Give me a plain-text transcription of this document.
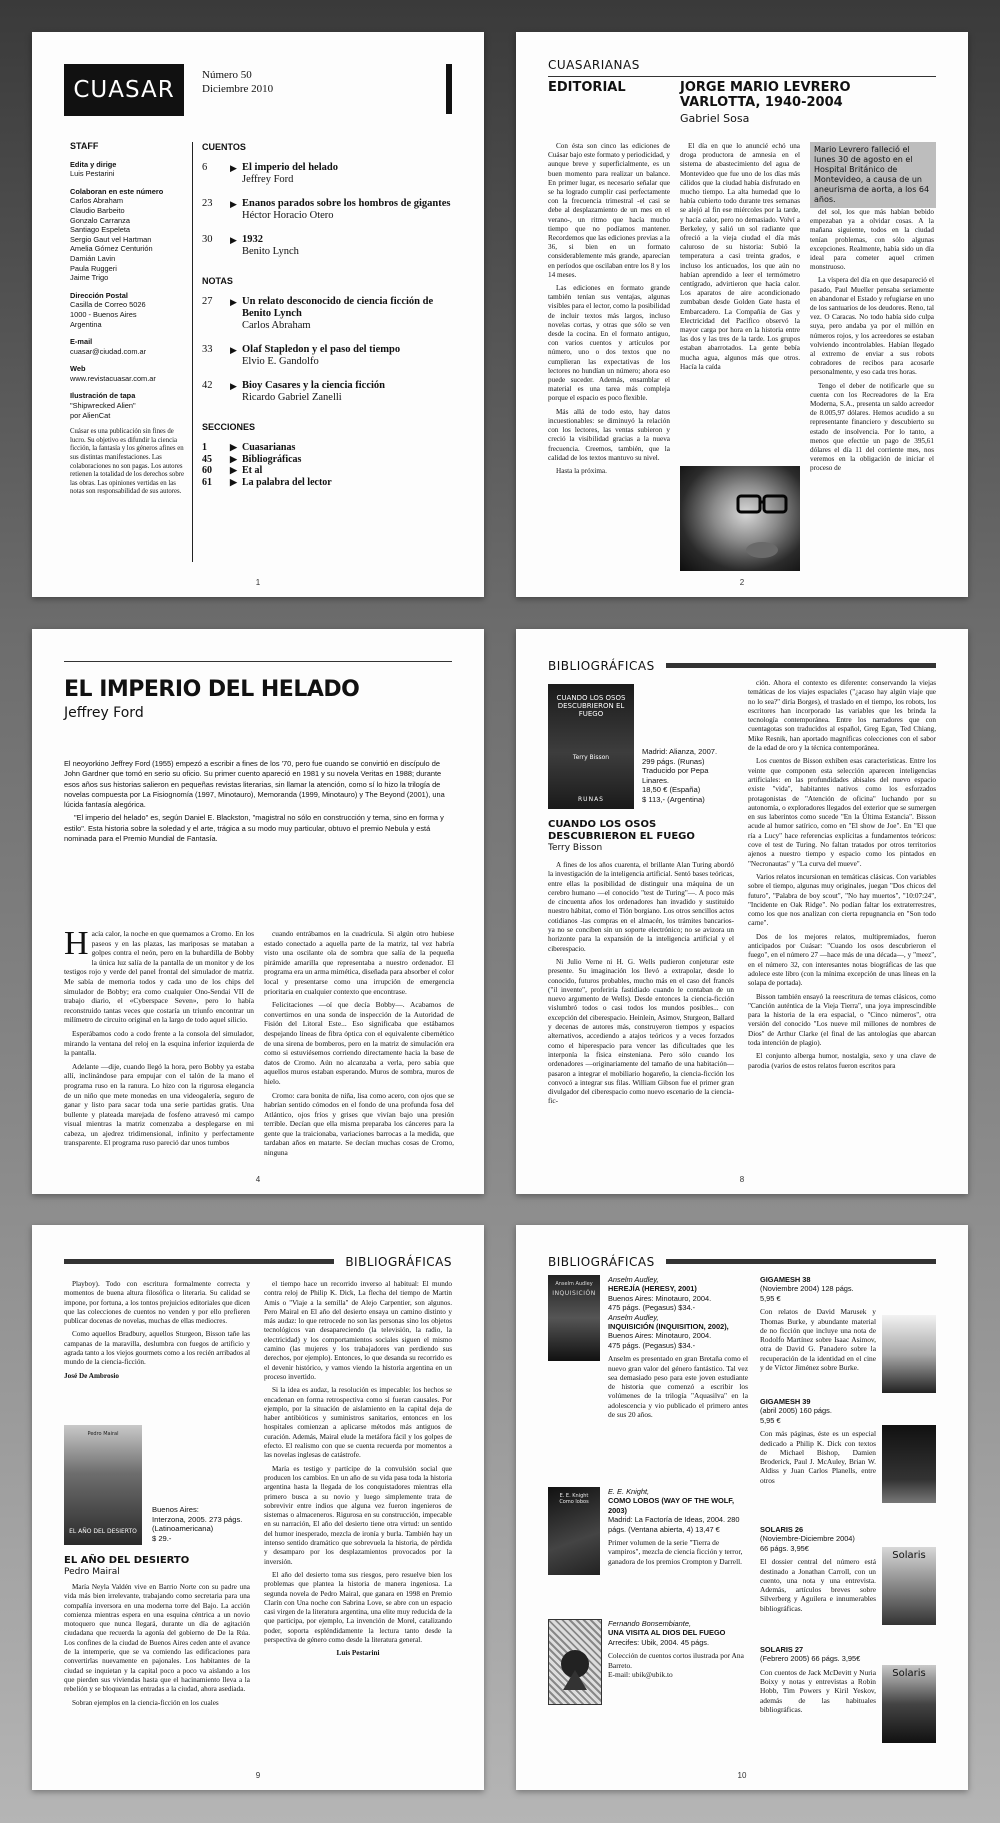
CUASAR
Número 50
Diciembre 2010
STAFF
Edita y dirige
Luis Pestarini
Colaboran en este número
Carlos Abraham
Claudio Barbeito
Gonzalo Carranza
Santiago Espeleta
Sergio Gaut vel Hartman
Amelia Gómez Centurión
Damián Lavin
Paula Ruggeri
Jaime Trigo
Dirección Postal
Casilla de Correo 5026
1000 - Buenos Aires
Argentina
E-mail
cuasar@ciudad.com.ar
Web
www.revistacuasar.com.ar
Ilustración de tapa
"Shipwrecked Alien"
por AlienCat
Cuásar es una publicación sin fines de lucro. Su objetivo es difundir la ciencia ficción, la fantasía y los géneros afines en sus distintas manifestaciones. Las colaboraciones no son pagas. Los autores retienen la totalidad de los derechos sobre las obras. Las opiniones vertidas en las notas son responsabilidad de sus autores.
CUENTOS
6	▶ El imperio del helado
Jeffrey Ford
23	▶ Enanos parados sobre los hombros de gigantes
Héctor Horacio Otero
30	▶ 1932
Benito Lynch
NOTAS
27	▶ Un relato desconocido de ciencia ficción de Benito Lynch
Carlos Abraham
33	▶ Olaf Stapledon y el paso del tiempo
Elvio E. Gandolfo
42	▶ Bioy Casares y la ciencia ficción
Ricardo Gabriel Zanelli
SECCIONES
1	▶ Cuasarianas
45	▶ Bibliográficas
60	▶ Et al
61	▶ La palabra del lector
1
CUASARIANAS
EDITORIAL	JORGE MARIO LEVRERO VARLOTTA, 1940-2004
Gabriel Sosa

Con ésta son cinco las ediciones de Cuásar bajo este formato y periodicidad, y aunque breve y superficialmente, es un buen momento para realizar un balance. En primer lugar, es necesario señalar que se ha logrado cumplir casi perfectamente con la frecuencia trimestral -el casi se debe al desplazamiento de un mes en el verano-, un ritmo que hacía mucho tiempo que no podíamos mantener. Recordemos que las ediciones previas a la 36, si bien en un formato considerablemente más grande, aparecían en períodos que oscilaban entre los 8 y los 14 meses.

Las ediciones en formato grande también tenían sus ventajas, algunas visibles para el lector, como la posibilidad de incluir textos más largos, incluso novelas cortas, y otras que sólo se ven desde la cocina. En el formato antiguo, con varios cuentos y artículos por número, uno o dos textos que no cumplieran las expectativas de los lectores no hundían un número; ahora eso puede suceder. Además, ensamblar el material es una tarea más compleja porque el espacio es poco flexible.

Más allá de todo esto, hay datos incuestionables: se diminuyó la relación con los lectores, las ventas subieron y creció la visibilidad gracias a la nueva frecuencia. Creemos, también, que la calidad de los textos mantuvo su nivel.

Hasta la próxima.

El día en que lo anuncié echó una droga productora de amnesia en el sistema de abastecimiento del agua de Montevideo que fue uno de los días más cálidos que la ciudad había disfrutado en mucho tiempo. La alta humedad que lo había cubierto todo durante tres semanas se alejó al fin ese miércoles por la tarde, y hacía calor, pero no demasiado. Volví a Berkeley, y salió un sol radiante que ofreció a la vieja ciudad el día más caluroso de su historia: Subió la temperatura a casi treinta grados, e incluso los anticuados, los que aún no habían aprendido a leer el termómetro centígrado, advirtieron que hacía calor. Los aparatos de aire acondicionado zumbaban desde Golden Gate hasta el Embarcadero. La Compañía de Gas y Electricidad del Pacífico observó la mayor carga por hora en la historia entre las dos y las tres de la tarde. Los grupos estaban abarrotados. La gente bebía mucha agua, algunos más que otros. Hacía la caída

Mario Levrero falleció el lunes 30 de agosto en el Hospital Británico de Montevideo, a causa de un aneurisma de aorta, a los 64 años.

del sol, los que más habían bebido empezaban ya a olvidar cosas. A la mañana siguiente, todos en la ciudad tenían problemas, con sólo algunas excepciones. Realmente, había sido un día ideal para cometer aquel crimen monstruoso.

La víspera del día en que desapareció el pasado, Paul Mueller pensaba seriamente en abandonar el Estado y refugiarse en uno de los santuarios de los deudores. Reno, tal vez. O Caracas. No todo había sido culpa suya, pero andaba ya por el millón en números rojos, y los acreedores se estaban volviendo incontrolables. Habían llegado al extremo de enviar a sus robots cobradores de recibos para acosarle personalmente, y eso cada tres horas.

Tengo el deber de notificarle que su cuenta con los Recreadores de la Era Moderna, S.A., presenta un saldo acreedor de 8.005,97 dólares. Hemos acudido a su representante financiero y descubierto su estado de insolvencia. Por lo tanto, a menos que efectúe un pago de 395,61 dólares el día 11 del corriente mes, nos veremos en la obligación de iniciar el proceso de

2
EL IMPERIO DEL HELADO
Jeffrey Ford

El neoyorkino Jeffrey Ford (1955) empezó a escribir a fines de los '70, pero fue cuando se convirtió en discípulo de John Gardner que tomó en serio su oficio. Su primer cuento apareció en 1981 y su novela Veritas en 1988; durante esos años sus historias salieron en pequeñas revistas literarias, sin llamar la atención, como sí lo hizo la trilogía de novelas compuesta por La Fisiognomía (1997, Minotauro), Memoranda (1999, Minotauro) y The Beyond (2001), una lúcida fantasía alegórica.

"El imperio del helado" es, según Daniel E. Blackston, "magistral no sólo en construcción y tema, sino en forma y estilo". Esta historia sobre la soledad y el arte, trágica a su modo muy particular, obtuvo el premio Nebula y está nominada para el Premio Mundial de Fantasía.

H acía calor, la noche en que quemamos a Cromo. En los paseos y en las plazas, las mariposas se mataban a golpes contra el neón, pero en la buhardilla de Bobby la única luz salía de la pantalla de un monitor y de los testigos rojo y verde del panel frontal del simulador de matriz. Me sabía de memoria todos y cada uno de los chips del simulador de Bobby; era como cualquier Ono-Sendai VII de trabajo diario, el «Cyberspace Seven», pero lo había reconstruido tantas veces que costaría un triunfo encontrar un milímetro de circuito original en la largo de todo aquel silicio.

Esperábamos codo a codo frente a la consola del simulador, mirando la ventana del reloj en la esquina inferior izquierda de la pantalla.

Adelante —dije, cuando llegó la hora, pero Bobby ya estaba allí, inclinándose para empujar con el talón de la mano el programa ruso en la ranura. Lo hizo con la rigurosa elegancia de un niño que mete monedas en una videogalería, seguro de ganar y listo para sacar toda una serie partidas gratis. Una bullente y plateada marejada de fosfeno atravesó mi campo visual mientras la matriz comenzaba a desplegarse en mi cabeza, un ajedrez tridimensional, infinito y perfectamente transparente. El programa ruso pareció dar unos tumbos

cuando entrábamos en la cuadrícula. Si algún otro hubiese estado conectado a aquella parte de la matriz, tal vez habría visto una oscilante ola de sombra que salía de la pequeña pirámide amarilla que representaba a nuestro ordenador. El programa era un arma mimética, diseñada para absorber el color local y presentarse como una irrupción de emergencia prioritaria en cualquier contexto que encontrase.

Felicitaciones —oí que decía Bobby—. Acabamos de convertirnos en una sonda de inspección de la Autoridad de Fisión del Litoral Este... Eso significaba que estábamos despejando líneas de fibra óptica con el equivalente cibernético de una sirena de bomberos, pero en la matriz de simulación era como si estuviésemos corriendo directamente hacia la base de datos de Cromo. Aún no alcanzaba a verla, pero sabía que aquellos muros estaban esperando. Muros de sombra, muros de hielo.

Cromo: cara bonita de niña, lisa como acero, con ojos que se habrían sentido cómodos en el fondo de una profunda fosa del Atlántico, ojos fríos y grises que vivían bajo una presión terrible. Decían que ella misma preparaba los cánceres para la gente que la traicionaba, variaciones barrocas a la medida, que tardaban años en matarte. Se decían muchas cosas de Cromo, ninguna

4
BIBLIOGRÁFICAS
CUANDO LOS OSOS DESCUBRIERON EL FUEGO
Terry Bisson
RUNAS
Madrid: Alianza, 2007.
299 págs. (Runas)
Traducido por Pepa Linares.
18,50 € (España)
$ 113,- (Argentina)
CUANDO LOS OSOS DESCUBRIERON EL FUEGO
Terry Bisson

A fines de los años cuarenta, el brillante Alan Turing abordó la investigación de la inteligencia artificial. Sentó bases teóricas, entre ellas la posibilidad de distinguir una máquina de un cerebro humano —el conocido "test de Turing"—. A poco más de cincuenta años los ordenadores han invadido y sustituido nuestro hábitat, como el Tión borgiano. Los otros sencillos actos cotidianos -las compras en el almacén, los trámites bancarios- ya no se conciben sin un soporte electrónico; no se avizora un horizonte para la expansión de la inteligencia artificial y el ciberespacio.

Ni Julio Verne ni H. G. Wells pudieron conjeturar este presente. Su imaginación los llevó a extrapolar, desde lo conocido, futuros probables, mucho más en el caso del francés ("il invente", proferiría fastidiado cuando le contaban de un nuevo argumento de Wells). Desde entonces la ciencia-ficción vislumbró todos o casi todos los mundos posibles... con excepción del ciberespacio. Heinlein, Asimov, Sturgeon, Ballard y decenas de autores más, construyeron tiempos y espacios alternativos, accediendo a atajos teóricos y a veces forzados como el hiperespacio para vencer las dificultades que les interponía la física einsteniana. Pero sólo cuando los ordenadores —originariamente del tamaño de una habitación— pasaron a integrar el mobiliario hogareño, la ciencia-ficción los convocó a integrar sus filas. William Gibson fue el primer gran divulgador del ciberespacio como nuevo escenario de la ciencia-fic-

ción. Ahora el contexto es diferente: conservando la viejas temáticas de los viajes espaciales ("¿acaso hay algún viaje que no lo sea?" diría Borges), el traslado en el tiempo, los robots, los escritores han incorporado las variables que les brinda la tecnología contemporánea. Entre los narradores que con cuentagotas son traducidos al español, Greg Egan, Ted Chiang, Mike Resnik, han aportado magníficas colecciones con el sabor de la edad de oro y la técnica contemporánea.

Los cuentos de Bisson exhiben esas características. Entre los veinte que componen esta selección aparecen inteligencias artificiales: en las profundidades abisales del nuevo espacio existe "vida", habitantes nativos como los esforzados protagonistas de "Atención de oficina" luchando por su autonomía, o exploradores llegados del exterior que se sumergen en sus laberintos como sucede "En la Última Estancia". Bisson acude al humor satírico, como en "El show de Joe". En "El que ría a Lucy" hace referencias explícitas a fundamentos teóricos: cove el test de Turing. No faltan tratados por otros territorios ajenos a nuestro tiempo y espacio como los pintados en "Necronautas" y "La curva del mueve".

Varios relatos incursionan en temáticas clásicas. Con variables sobre el tiempo, algunas muy originales, juegan "Dos chicos del futuro", "Palabra de boy scout", "No hay muertos", "10:07:24", "Incidente en Oak Ridge". No podían faltar los extraterrestres, como los que nos analizan con cierta repugnancia en "Son todo carne".

Dos de los mejores relatos, multipremiados, fueron anticipados por Cuásar: "Cuando los osos descubrieron el fuego", en el número 27 —hace más de una década—, y "meez", en el número 32, con interesantes notas biográficas de las que adolece este libro (con la mínima excepción de unas líneas en la solapa de portada).

Bisson también ensayó la reescritura de temas clásicos, como "Canción auténtica de la Vieja Tierra", una joya imprescindible para la historia de la era espacial, o "Cinco números", otra versión del conocido "Los nueve mil millones de nombres de Dios" de Arthur Clarke (el final de las antologías que abarcan toda intención de plagio).

El conjunto alberga humor, nostalgia, sexo y una clave de parodia (varios de estos relatos fueron escritos para

8
BIBLIOGRÁFICAS

Playboy). Todo con escritura formalmente correcta y momentos de buena altura filosófica o literaria. Su calidad se impone, por fortuna, a los tontos prejuicios editoriales que dicen que las colecciones de cuentos no venden y por ello prefieren publicar docenas de novelas, muchas de ellas mediocres.

Como aquellos Bradbury, aquellos Sturgeon, Bisson tañe las campanas de la maravilla, deslumbra con fuegos de artificio y agrada tanto a los viejos gourmets como a los recién arribados al mundo de la ciencia-ficción.

José De Ambrosio
Pedro Mairal
EL AÑO DEL DESIERTO
Buenos Aires:
Interzona, 2005. 273 págs.
(Latinoamericana)
$ 29.-
EL AÑO DEL DESIERTO
Pedro Mairal

María Neyla Valdén vive en Barrio Norte con su padre una vida más bien irrelevante, trabajando como secretaria para una compañía inversora en una moderna torre del Bajo. La acción comienza mientras espera en una esquina céntrica a un novio motoquero que nunca llegará, durante un día de agitación ciudadana que recuerda la agonía del gobierno de De la Rúa. Los confines de la ciudad de Buenos Aires ceden ante el avance de la intemperie, que se va comiendo las edificaciones para convertirlas nuevamente en pajonales. Los habitantes de la ciudad se inquietan y la capital poco a poco va aislando a los que pierden sus viviendas hasta que el hacinamiento lleva a la rebelión y se bloquean las entradas a la ciudad, ahora asediada.

Sobran ejemplos en la ciencia-ficción en los cuales

el tiempo hace un recorrido inverso al habitual: El mundo contra reloj de Philip K. Dick, La flecha del tiempo de Martin Amis o "Viaje a la semilla" de Alejo Carpentier, son algunos. Pero Mairal en El año del desierto ensaya un camino distinto y más audaz: lo que retrocede no son las personas sino los objetos tecnológicos van desapareciendo (la televisión, la radio, la electricidad) y los comportamientos sociales siguen el mismo camino (las mujeres y los trabajadores van perdiendo sus derechos, por ejemplo). Entonces, lo que desanda su recorrido es el devenir histórico, y vamos viendo la historia argentina en un proceso invertido.

Si la idea es audaz, la resolución es impecable: los hechos se encadenan en forma retrospectiva como si fueran causales. Por ejemplo, por la situación de aislamiento en la capital deja de haber antibióticos y suministros sanitarios, entonces en los hospitales comienzan a aplicarse métodos más antiguos de curación. Además, Mairal elude la metáfora fácil y los golpes de efecto. El realismo con que se cuenta recuerda por momentos a las novelas inglesas de catástrofe.

María es testigo y partícipe de la convulsión social que producen los cambios. En un año de su vida pasa toda la historia argentina hasta la llegada de los conquistadores mientras ella primero busca a su novio y luego simplemente trata de sobrevivir entre indios que alguna vez fueron ingenieros de sistemas o almaceneros. Rigurosa en su construcción, impecable en su narración, El año del desierto tiene otra virtud: un sentido del humor inesperado, mezcla de ironía y burla. También hay un intenso sentido dramático que sobrevuela la historia, de pérdida y desamparo por los desplazamientos provocados por la inversión.

El año del desierto toma sus riesgos, pero resuelve bien los problemas que plantea la historia de manera ingeniosa. La segunda novela de Pedro Mairal, que ganara en 1998 en Premio Clarín con Una noche con Sabrina Love, se abre con un espacio casi virgen de la literatura argentina, una elite muy reducida de la que participa, por ejemplo, La invención de Morel, catalizando poder, soporta espléndidamente la lectura tanto desde la perspectiva de género como desde la literatura general.

Luis Pestarini
9
BIBLIOGRÁFICAS
Anselm Audley
INQUISICIÓN
E. E. Knight
Como lobos
Anselm Audley,
HEREJÍA (HERESY, 2001)
Buenos Aires: Minotauro, 2004.
475 págs. (Pegasus) $34.-
Anselm Audley,
INQUISICIÓN (INQUISITION, 2002),
Buenos Aires: Minotauro, 2004.
475 págs. (Pegasus) $34.-
Anselm es presentado en gran Bretaña como el nuevo gran valor del género fantástico. Tal vez sea demasiado peso para este joven estudiante de historia que comenzó a escribir los volúmenes de la trilogía "Aquasilva" en la adolescencia y vio publicado el primero antes de sus 20 años.
E. E. Knight,
COMO LOBOS (WAY OF THE WOLF, 2003)
Madrid: La Factoría de Ideas, 2004. 280 págs. (Ventana abierta, 4) 13,47 €
Primer volumen de la serie "Tierra de vampiros", mezcla de ciencia ficción y terror, ganadora de los premios Crompton y Darrell.
Fernando Bonsembiante,
UNA VISITA AL DIOS DEL FUEGO
Arrecifes: Ubik, 2004. 45 págs.
Colección de cuentos cortos ilustrada por Ana Barreto.
E-mail: ubik@ubik.to
GIGAMESH 38
(Noviembre 2004) 128 págs.
5,95 €
Con relatos de David Marusek y Thomas Burke, y abundante material de no ficción que incluye una nota de Rodolfo Martínez sobre Isaac Asimov, otra de David G. Panadero sobre la recuperación de la identidad en el cine y de Víctor Jiménez sobre Burke.
GIGAMESH 39
(abril 2005) 160 págs.
5,95 €
Con más páginas, éste es un especial dedicado a Philip K. Dick con textos de Michael Bishop, Damien Broderick, Paul J. McAuley, Brian W. Aldiss y Juan Carlos Planells, entre otros
SOLARIS 26
(Noviembre-Diciembre 2004)
66 págs. 3,95€
El dossier central del número está destinado a Jonathan Carroll, con un cuento, una nota y una entrevista. Además, artículos breves sobre Silverberg y Aguilera e innumerables bibliográficas.
SOLARIS 27
(Febrero 2005) 66 págs. 3,95€
Con cuentos de Jack McDevitt y Nuria Boixy y notas y entrevistas a Robin Hobb, Tim Powers y Kiril Yeskov, además de las habituales bibliográficas.
Solaris
Solaris
10
